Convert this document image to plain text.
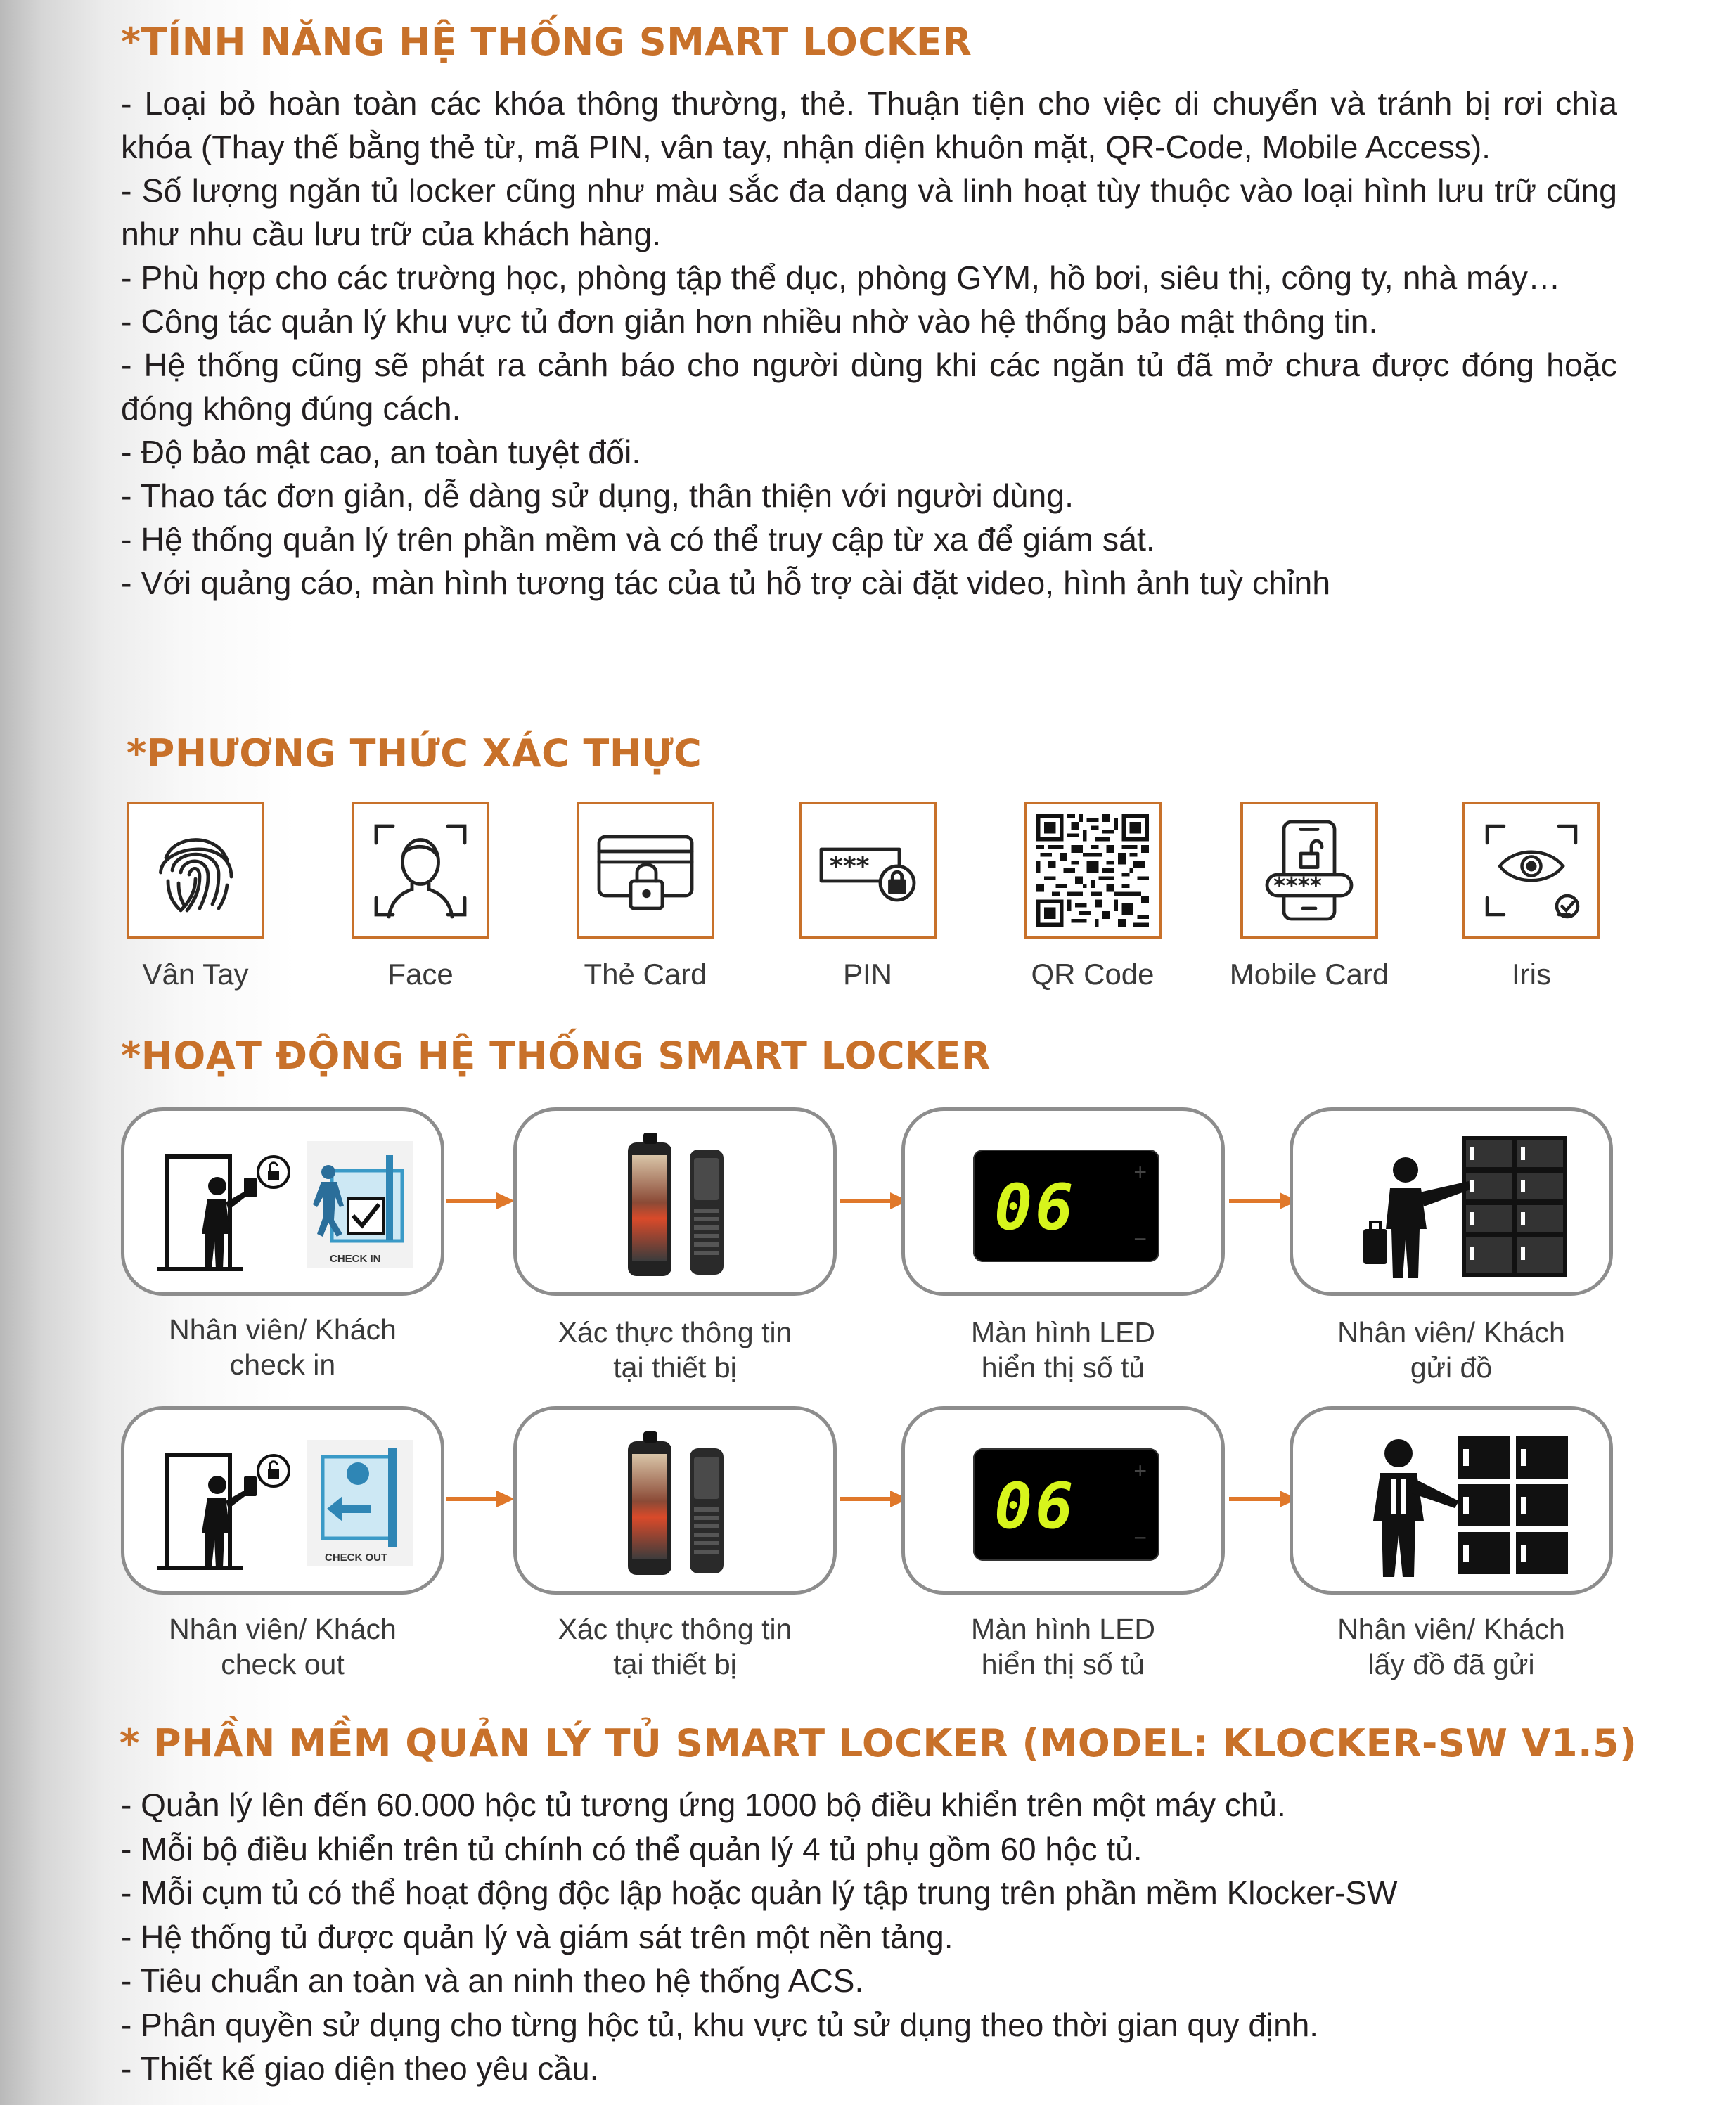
*TÍNH NĂNG HỆ THỐNG SMART LOCKER
- Loại bỏ hoàn toàn các khóa thông thường, thẻ. Thuận tiện cho việc di chuyển và tránh bị rơi chìa khóa (Thay thế bằng thẻ từ, mã PIN, vân tay, nhận diện khuôn mặt, QR-Code, Mobile Access).
- Số lượng ngăn tủ locker cũng như màu sắc đa dạng và linh hoạt tùy thuộc vào loại hình lưu trữ cũng như nhu cầu lưu trữ của khách hàng.
- Phù hợp cho các trường học, phòng tập thể dục, phòng GYM, hồ bơi, siêu thị, công ty, nhà máy…
- Công tác quản lý khu vực tủ đơn giản hơn nhiều nhờ vào hệ thống bảo mật thông tin.
- Hệ thống cũng sẽ phát ra cảnh báo cho người dùng khi các ngăn tủ đã mở chưa được đóng hoặc đóng không đúng cách.
- Độ bảo mật cao, an toàn tuyệt đối.
- Thao tác đơn giản, dễ dàng sử dụng, thân thiện với người dùng.
- Hệ thống quản lý trên phần mềm và có thể truy cập từ xa để giám sát.
- Với quảng cáo, màn hình tương tác của tủ hỗ trợ cài đặt video, hình ảnh tuỳ chỉnh
*PHƯƠNG THỨC XÁC THỰC
Vân Tay	Face	Thẻ Card
***
PIN	QR Code
****
Mobile Card	Iris
*HOẠT ĐỘNG HỆ THỐNG SMART LOCKER
CHECK IN
Nhân viên/ Khách
check in
Xác thực thông tin
tại thiết bị
06	+
−
Màn hình LED
hiển thị số tủ
Nhân viên/ Khách
gửi đồ
CHECK OUT
Nhân viên/ Khách
check out
Xác thực thông tin
tại thiết bị
06	+
−
Màn hình LED
hiển thị số tủ
Nhân viên/ Khách
lấy đồ đã gửi
* PHẦN MỀM QUẢN LÝ TỦ SMART LOCKER (MODEL: KLOCKER-SW V1.5)
- Quản lý lên đến 60.000 hộc tủ tương ứng 1000 bộ điều khiển trên một máy chủ.
- Mỗi bộ điều khiển trên tủ chính có thể quản lý 4 tủ phụ gồm 60 hộc tủ.
- Mỗi cụm tủ có thể hoạt động độc lập hoặc quản lý tập trung trên phần mềm Klocker-SW
- Hệ thống tủ được quản lý và giám sát trên một nền tảng.
- Tiêu chuẩn an toàn và an ninh theo hệ thống ACS.
- Phân quyền sử dụng cho từng hộc tủ, khu vực tủ sử dụng theo thời gian quy định.
- Thiết kế giao diện theo yêu cầu.
